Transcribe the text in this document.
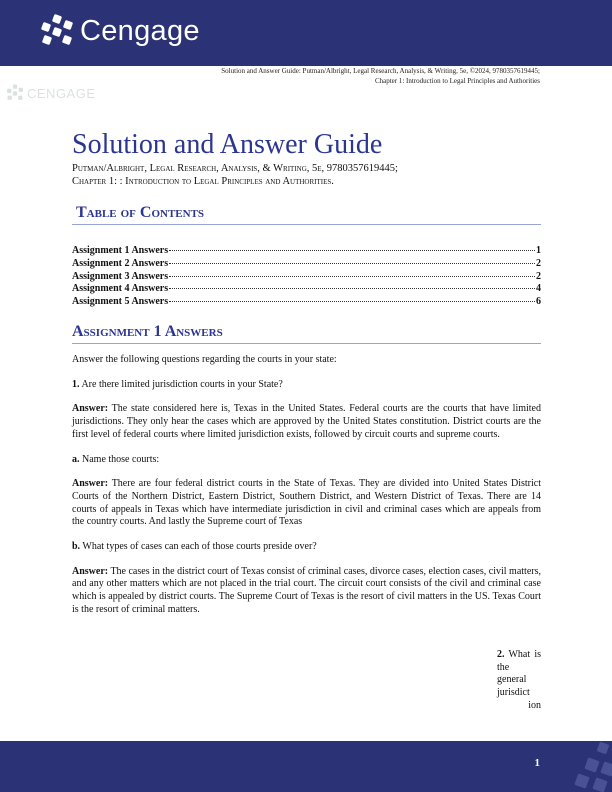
Cengage
Solution and Answer Guide: Putman/Albright, Legal Research, Analysis, & Writing, 5e, ©2024, 9780357619445;
Chapter 1: Introduction to Legal Principles and Authorities
CENGAGE
Solution and Answer Guide
Putman/Albright, Legal Research, Analysis, & Writing, 5e, 9780357619445;
Chapter 1: : Introduction to Legal Principles and Authorities.
Table of Contents
Assignment 1 Answers	1
Assignment 2 Answers	2
Assignment 3 Answers	2
Assignment 4 Answers	4
Assignment 5 Answers	6
Assignment 1 Answers

Answer the following questions regarding the courts in your state:

1. Are there limited jurisdiction courts in your State?

Answer: The state considered here is, Texas in the United States. Federal courts are the courts that have limited jurisdictions. They only hear the cases which are approved by the United States constitution. District courts are the first level of federal courts where limited jurisdiction exists, followed by circuit courts and supreme courts.

a. Name those courts:

Answer: There are four federal district courts in the State of Texas. They are divided into United States District Courts of the Northern District, Eastern District, Southern District, and Western District of Texas. There are 14 courts of appeals in Texas which have intermediate jurisdiction in civil and criminal cases which are appeals from the country courts. And lastly the Supreme court of Texas

b. What types of cases can each of those courts preside over?

Answer: The cases in the district court of Texas consist of criminal cases, divorce cases, election cases, civil matters, and any other matters which are not placed in the trial court. The circuit court consists of the civil and criminal case which is appealed by district courts. The Supreme Court of Texas is the resort of civil matters in the US. Texas Court is the resort of criminal matters.

2. What is the general jurisdict
ion
1
